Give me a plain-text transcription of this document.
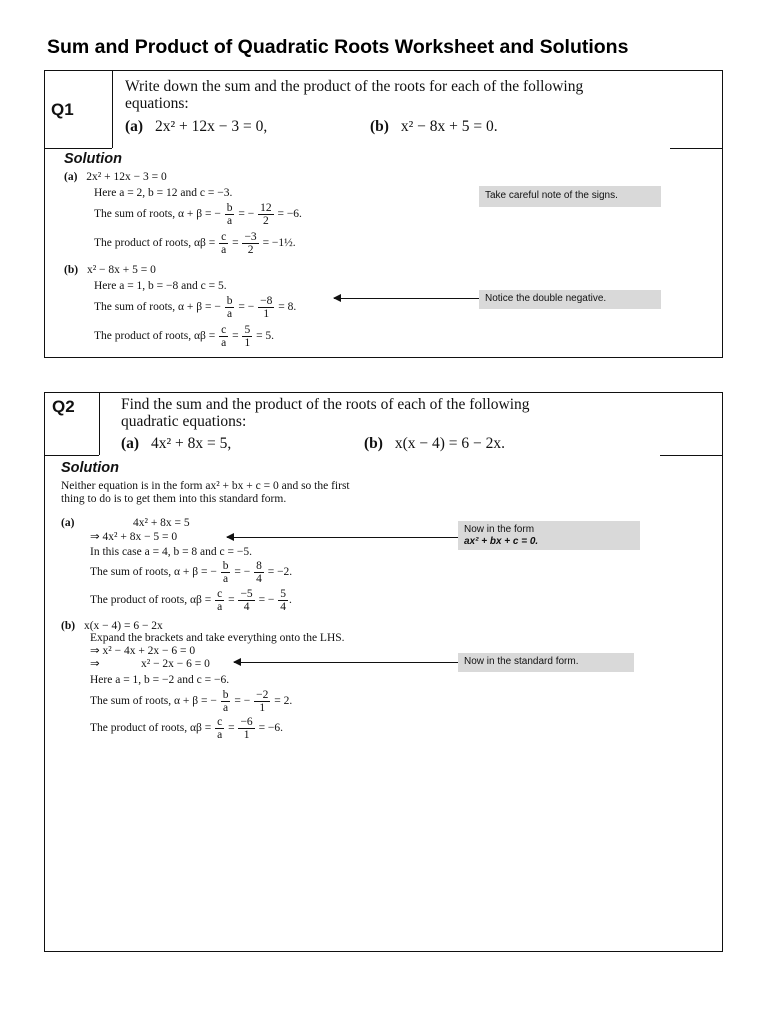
Sum and Product of Quadratic Roots Worksheet and Solutions
Q1
Write down the sum and the product of the roots for each of the following equations:
(a) 2x² + 12x − 3 = 0,	(b) x² − 8x + 5 = 0.
Solution
(a) 2x² + 12x − 3 = 0
Here a = 2, b = 12 and c = −3.
The sum of roots, α + β = − $\frac{b}{a}$ = − $\frac{12}{2} = -6$.
The product of roots, $\alpha\beta = \frac{c}{a} = \frac{-3}{2}$ = −1½.
Take careful note of the signs.
(b) x² − 8x + 5 = 0
Here a = 1, b = −8 and c = 5.
The sum of roots, α + β = − $\frac{b}{a}$ = − $\frac{-8}{1} = 8$.
The product of roots, $\alpha\beta = \frac{c}{a} = \frac{5}{1} = 5$.
Notice the double negative.
Q2	Find the sum and the product of the roots of each of the following quadratic equations:
(a) 4x² + 8x = 5,	(b) x(x − 4) = 6 − 2x.
Solution
Neither equation is in the form ax² + bx + c = 0 and so the first
thing to do is to get them into this standard form.
(a)	4x² + 8x = 5
⇒ 4x² + 8x − 5 = 0
In this case a = 4, b = 8 and c = −5.
The sum of roots, α + β = − $\frac{b}{a}$ = − $\frac{8}{4} = -2$.
The product of roots, $\alpha\beta = \frac{c}{a} = \frac{-5}{4}$ = − $\frac{5}{4}$ .
Now in the form
ax² + bx + c = 0.
(b) x(x − 4) = 6 − 2x
Expand the brackets and take everything onto the LHS.
⇒ x² − 4x + 2x − 6 = 0
⇒	x² − 2x − 6 = 0
Here a = 1, b = −2 and c = −6.
The sum of roots, α + β = − $\frac{b}{a}$ = − $\frac{-2}{1} = 2$.
The product of roots, $\alpha\beta = \frac{c}{a} = \frac{-6}{1} = -6$.
Now in the standard form.
